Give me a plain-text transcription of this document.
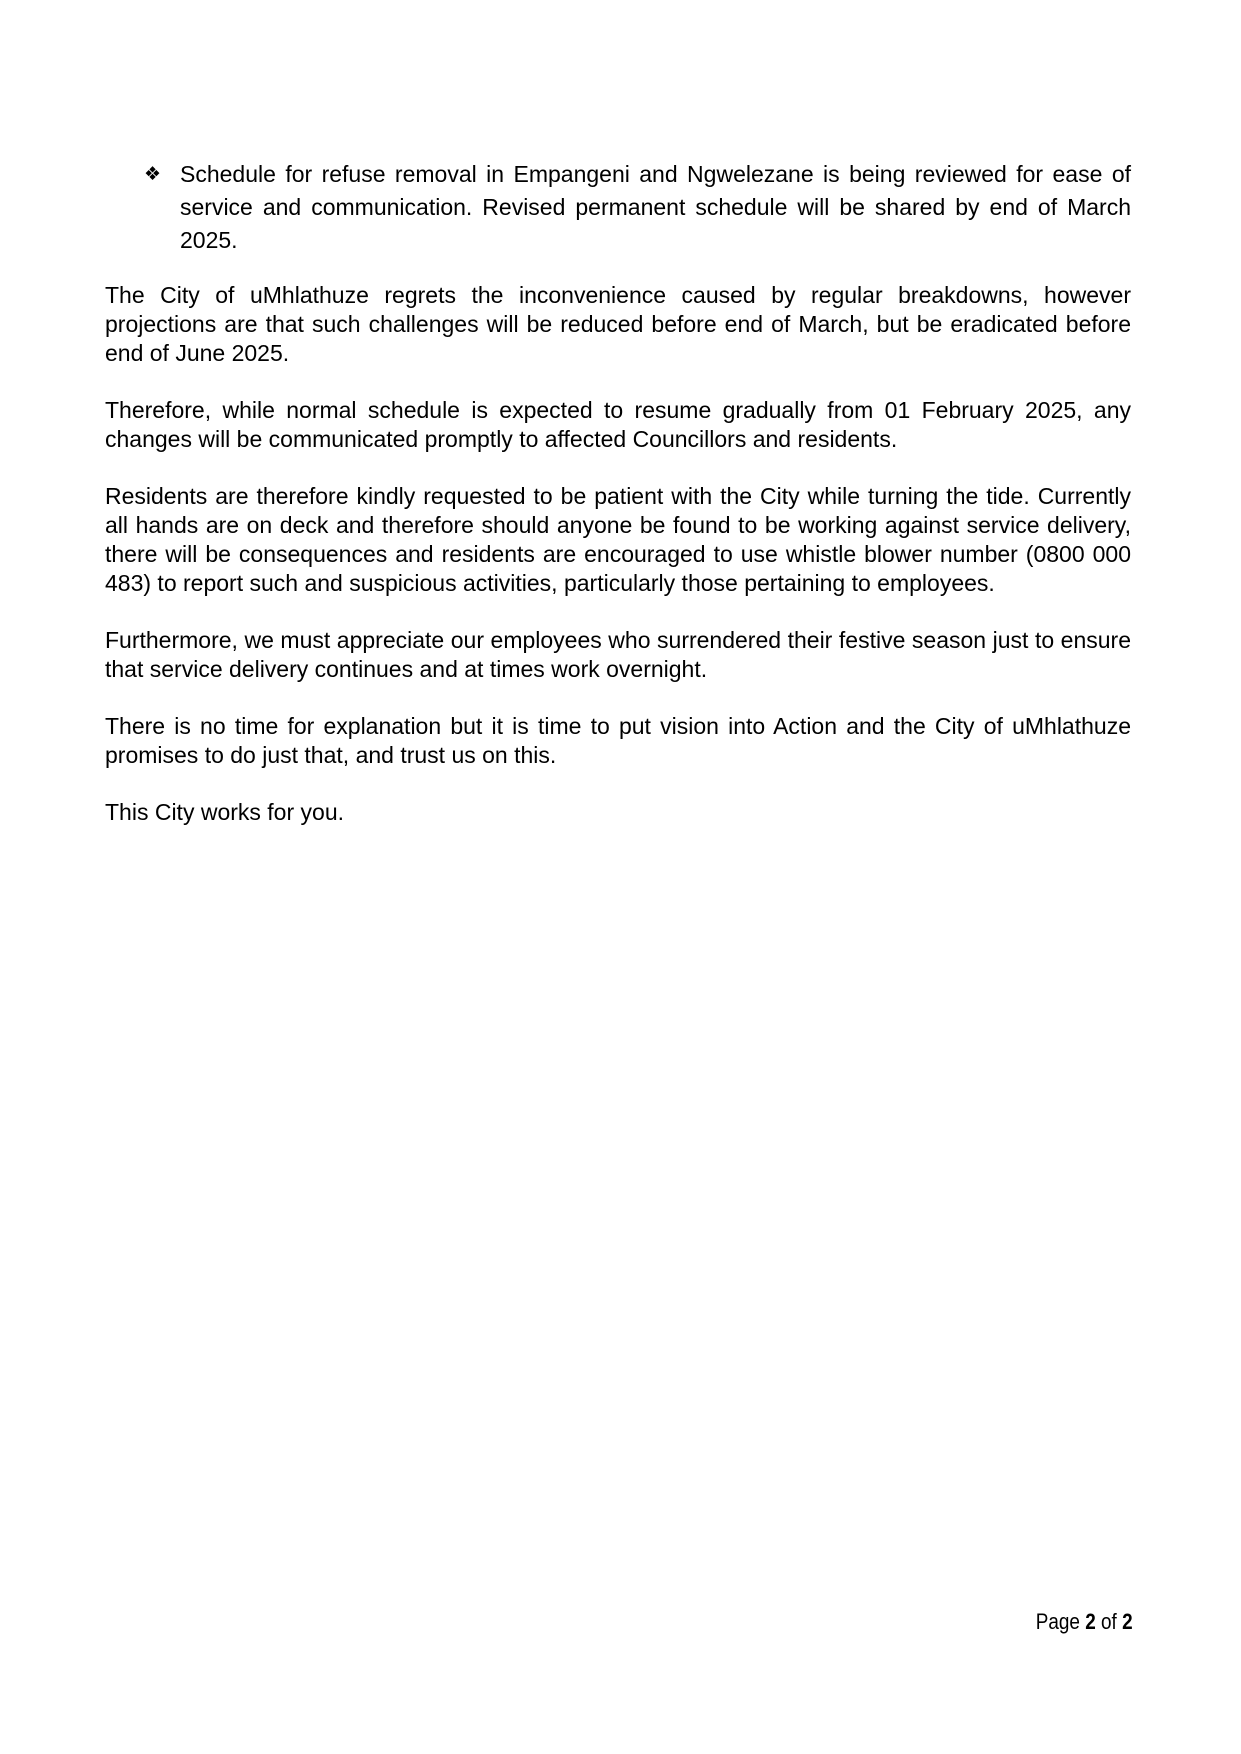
❖ Schedule for refuse removal in Empangeni and Ngwelezane is being reviewed for ease of service and communication. Revised permanent schedule will be shared by end of March 2025.

The City of uMhlathuze regrets the inconvenience caused by regular breakdowns, however projections are that such challenges will be reduced before end of March, but be eradicated before end of June 2025.

Therefore, while normal schedule is expected to resume gradually from 01 February 2025, any changes will be communicated promptly to affected Councillors and residents.

Residents are therefore kindly requested to be patient with the City while turning the tide. Currently all hands are on deck and therefore should anyone be found to be working against service delivery, there will be consequences and residents are encouraged to use whistle blower number (0800 000 483) to report such and suspicious activities, particularly those pertaining to employees.

Furthermore, we must appreciate our employees who surrendered their festive season just to ensure that service delivery continues and at times work overnight.

There is no time for explanation but it is time to put vision into Action and the City of uMhlathuze promises to do just that, and trust us on this.

This City works for you.

Page 2 of 2
